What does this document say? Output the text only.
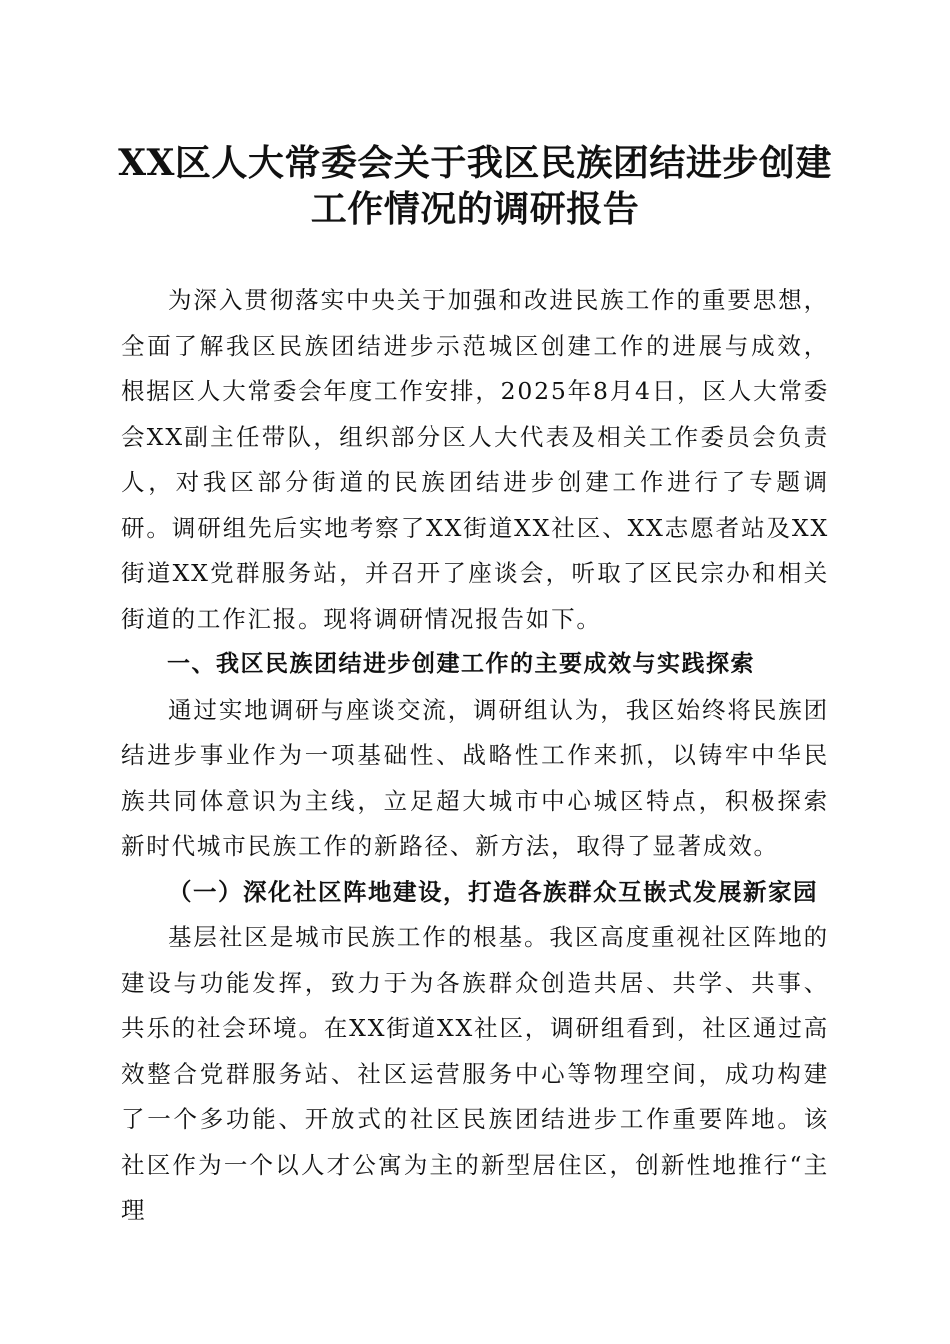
XX区人大常委会关于我区民族团结进步创建
工作情况的调研报告

为深入贯彻落实中央关于加强和改进民族工作的重要思想，全面了解我区民族团结进步示范城区创建工作的进展与成效，根据区人大常委会年度工作安排，2025年8月4日，区人大常委会XX副主任带队，组织部分区人大代表及相关工作委员会负责人，对我区部分街道的民族团结进步创建工作进行了专题调研。调研组先后实地考察了XX街道XX社区、XX志愿者站及XX街道XX党群服务站，并召开了座谈会，听取了区民宗办和相关街道的工作汇报。现将调研情况报告如下。

一、我区民族团结进步创建工作的主要成效与实践探索

通过实地调研与座谈交流，调研组认为，我区始终将民族团结进步事业作为一项基础性、战略性工作来抓，以铸牢中华民族共同体意识为主线，立足超大城市中心城区特点，积极探索新时代城市民族工作的新路径、新方法，取得了显著成效。

（一）深化社区阵地建设，打造各族群众互嵌式发展新家园

基层社区是城市民族工作的根基。我区高度重视社区阵地的建设与功能发挥，致力于为各族群众创造共居、共学、共事、共乐的社会环境。在XX街道XX社区，调研组看到，社区通过高效整合党群服务站、社区运营服务中心等物理空间，成功构建了一个多功能、开放式的社区民族团结进步工作重要阵地。该社区作为一个以人才公寓为主的新型居住区，创新性地推行“主理
